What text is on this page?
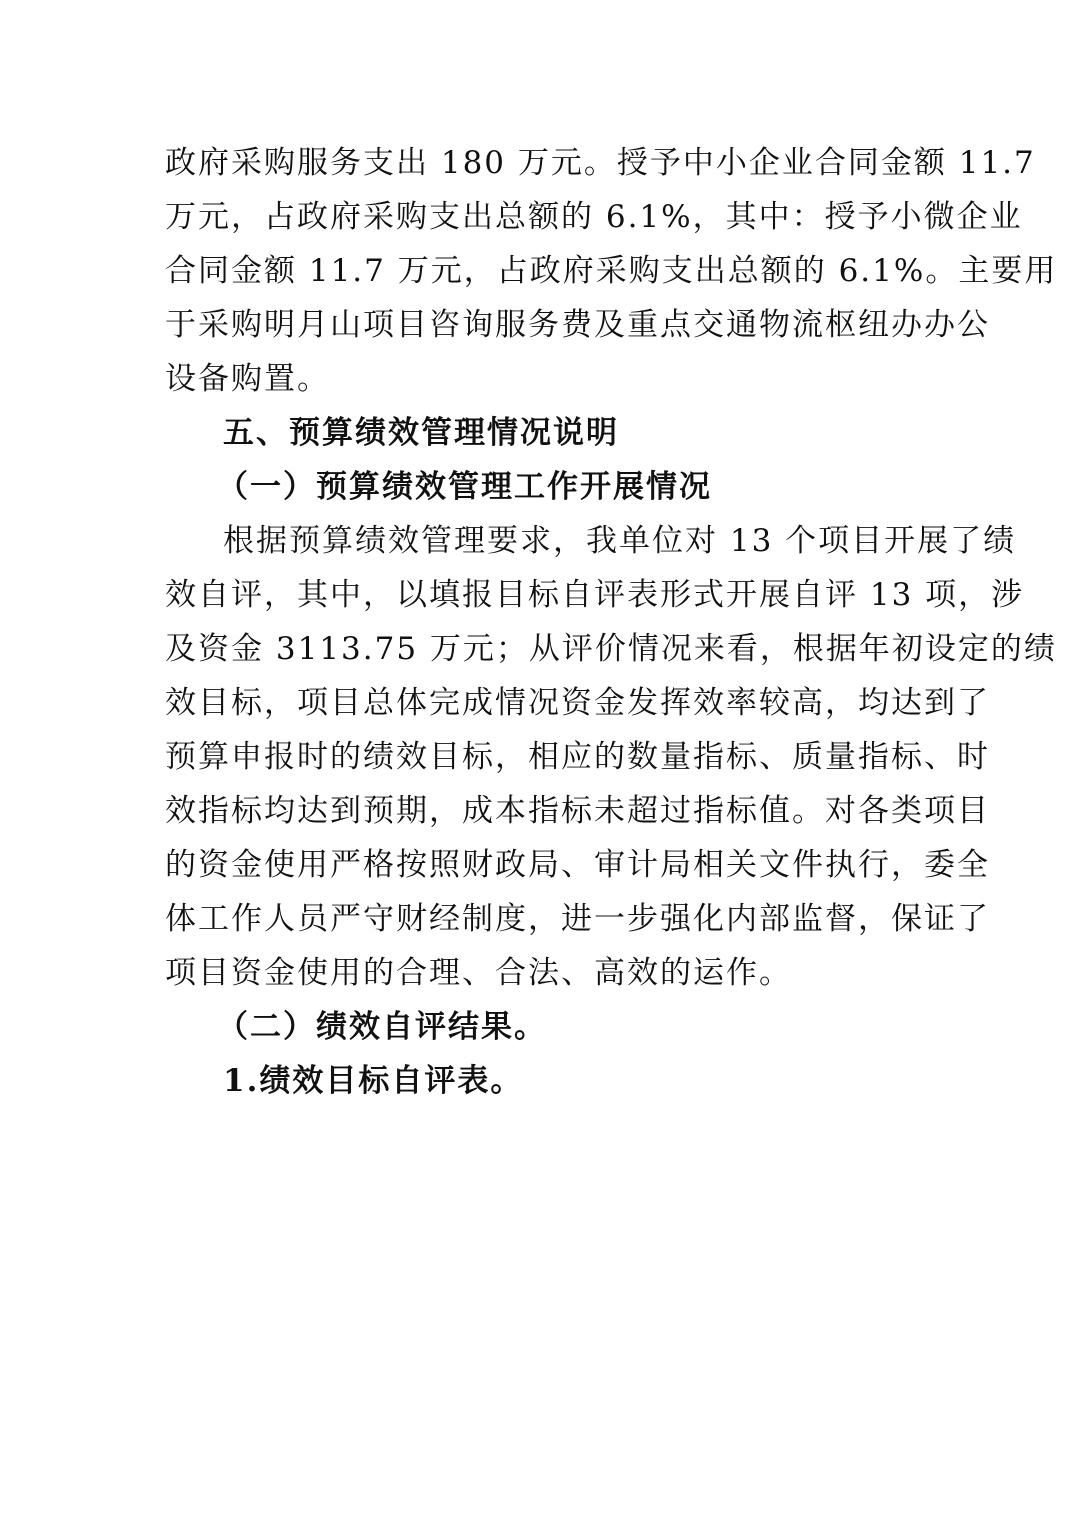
政府采购服务支出 180 万元。授予中小企业合同金额 11.7
万元，占政府采购支出总额的 6.1%，其中：授予小微企业
合同金额 11.7 万元，占政府采购支出总额的 6.1%。主要用
于采购明月山项目咨询服务费及重点交通物流枢纽办办公
设备购置。
五、预算绩效管理情况说明
（一）预算绩效管理工作开展情况
根据预算绩效管理要求，我单位对 13 个项目开展了绩
效自评，其中，以填报目标自评表形式开展自评 13 项，涉
及资金 3113.75 万元；从评价情况来看，根据年初设定的绩
效目标，项目总体完成情况资金发挥效率较高，均达到了
预算申报时的绩效目标，相应的数量指标、质量指标、时
效指标均达到预期，成本指标未超过指标值。对各类项目
的资金使用严格按照财政局、审计局相关文件执行，委全
体工作人员严守财经制度，进一步强化内部监督，保证了
项目资金使用的合理、合法、高效的运作。
（二）绩效自评结果。
1.绩效目标自评表。
